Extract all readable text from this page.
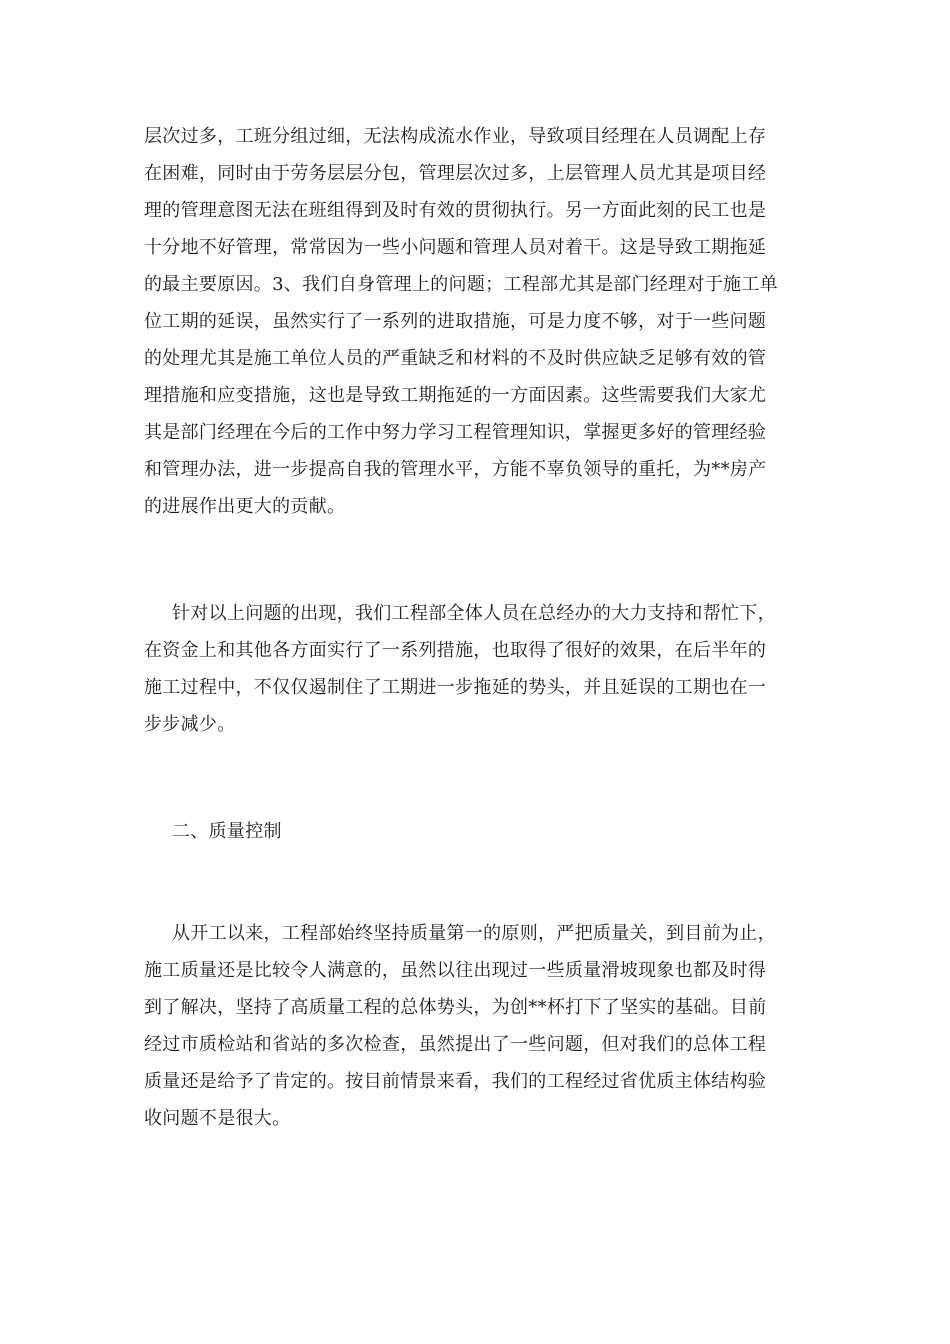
层次过多，工班分组过细，无法构成流水作业，导致项目经理在人员调配上存
在困难，同时由于劳务层层分包，管理层次过多，上层管理人员尤其是项目经
理的管理意图无法在班组得到及时有效的贯彻执行。另一方面此刻的民工也是
十分地不好管理，常常因为一些小问题和管理人员对着干。这是导致工期拖延
的最主要原因。3、我们自身管理上的问题；工程部尤其是部门经理对于施工单
位工期的延误，虽然实行了一系列的进取措施，可是力度不够，对于一些问题
的处理尤其是施工单位人员的严重缺乏和材料的不及时供应缺乏足够有效的管
理措施和应变措施，这也是导致工期拖延的一方面因素。这些需要我们大家尤
其是部门经理在今后的工作中努力学习工程管理知识，掌握更多好的管理经验
和管理办法，进一步提高自我的管理水平，方能不辜负领导的重托，为**房产
的进展作出更大的贡献。
针对以上问题的出现，我们工程部全体人员在总经办的大力支持和帮忙下，
在资金上和其他各方面实行了一系列措施，也取得了很好的效果，在后半年的
施工过程中，不仅仅遏制住了工期进一步拖延的势头，并且延误的工期也在一
步步减少。
二、质量控制
从开工以来，工程部始终坚持质量第一的原则，严把质量关，到目前为止，
施工质量还是比较令人满意的，虽然以往出现过一些质量滑坡现象也都及时得
到了解决，坚持了高质量工程的总体势头，为创**杯打下了坚实的基础。目前
经过市质检站和省站的多次检查，虽然提出了一些问题，但对我们的总体工程
质量还是给予了肯定的。按目前情景来看，我们的工程经过省优质主体结构验
收问题不是很大。
